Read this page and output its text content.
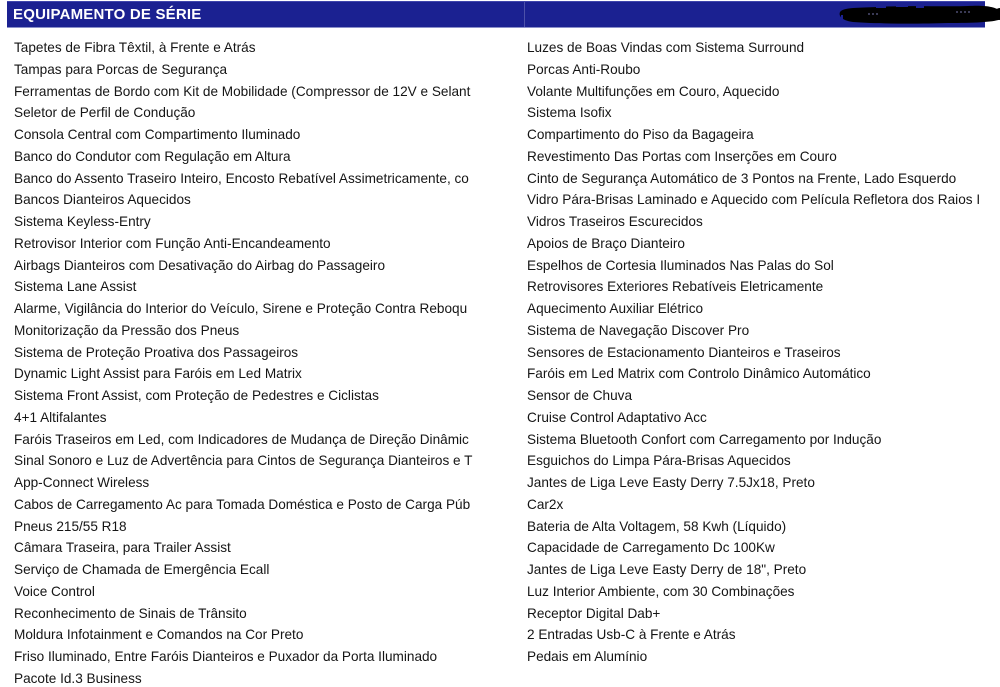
EQUIPAMENTO DE SÉRIE
Tapetes de Fibra Têxtil, à Frente e Atrás
Tampas para Porcas de Segurança
Ferramentas de Bordo com Kit de Mobilidade (Compressor de 12V e Selant
Seletor de Perfil de Condução
Consola Central com Compartimento Iluminado
Banco do Condutor com Regulação em Altura
Banco do Assento Traseiro Inteiro, Encosto Rebatível Assimetricamente, co
Bancos Dianteiros Aquecidos
Sistema Keyless-Entry
Retrovisor Interior com Função Anti-Encandeamento
Airbags Dianteiros com Desativação do Airbag do Passageiro
Sistema Lane Assist
Alarme, Vigilância do Interior do Veículo, Sirene e Proteção Contra Reboqu
Monitorização da Pressão dos Pneus
Sistema de Proteção Proativa dos Passageiros
Dynamic Light Assist para Faróis em Led Matrix
Sistema Front Assist, com Proteção de Pedestres e Ciclistas
4+1 Altifalantes
Faróis Traseiros em Led, com Indicadores de Mudança de Direção Dinâmic
Sinal Sonoro e Luz de Advertência para Cintos de Segurança Dianteiros e T
App-Connect Wireless
Cabos de Carregamento Ac para Tomada Doméstica e Posto de Carga Púb
Pneus 215/55 R18
Câmara Traseira, para Trailer Assist
Serviço de Chamada de Emergência Ecall
Voice Control
Reconhecimento de Sinais de Trânsito
Moldura Infotainment e Comandos na Cor Preto
Friso Iluminado, Entre Faróis Dianteiros e Puxador da Porta Iluminado
Pacote Id.3 Business
Luzes de Boas Vindas com Sistema Surround
Porcas Anti-Roubo
Volante Multifunções em Couro, Aquecido
Sistema Isofix
Compartimento do Piso da Bagageira
Revestimento Das Portas com Inserções em Couro
Cinto de Segurança Automático de 3 Pontos na Frente, Lado Esquerdo
Vidro Pára-Brisas Laminado e Aquecido com Película Refletora dos Raios I
Vidros Traseiros Escurecidos
Apoios de Braço Dianteiro
Espelhos de Cortesia Iluminados Nas Palas do Sol
Retrovisores Exteriores Rebatíveis Eletricamente
Aquecimento Auxiliar Elétrico
Sistema de Navegação Discover Pro
Sensores de Estacionamento Dianteiros e Traseiros
Faróis em Led Matrix com Controlo Dinâmico Automático
Sensor de Chuva
Cruise Control Adaptativo Acc
Sistema Bluetooth Confort com Carregamento por Indução
Esguichos do Limpa Pára-Brisas Aquecidos
Jantes de Liga Leve Easty Derry 7.5Jx18, Preto
Car2x
Bateria de Alta Voltagem, 58 Kwh (Líquido)
Capacidade de Carregamento Dc 100Kw
Jantes de Liga Leve Easty Derry de 18", Preto
Luz Interior Ambiente, com 30 Combinações
Receptor Digital Dab+
2 Entradas Usb-C à Frente e Atrás
Pedais em Alumínio
